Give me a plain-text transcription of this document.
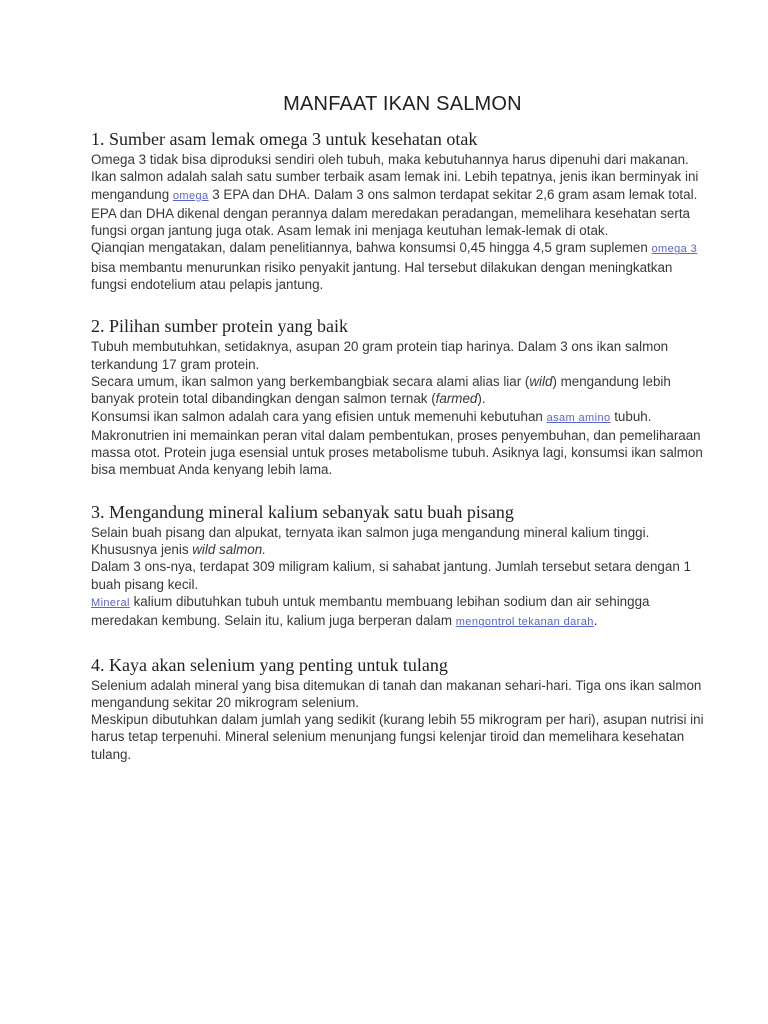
MANFAAT IKAN SALMON
1. Sumber asam lemak omega 3 untuk kesehatan otak

Omega 3 tidak bisa diproduksi sendiri oleh tubuh, maka kebutuhannya harus dipenuhi dari makanan. Ikan salmon adalah salah satu sumber terbaik asam lemak ini. Lebih tepatnya, jenis ikan berminyak ini mengandung omega 3 EPA dan DHA. Dalam 3 ons salmon terdapat sekitar 2,6 gram asam lemak total.

EPA dan DHA dikenal dengan perannya dalam meredakan peradangan, memelihara kesehatan serta fungsi organ jantung juga otak. Asam lemak ini menjaga keutuhan lemak-lemak di otak.

Qianqian mengatakan, dalam penelitiannya, bahwa konsumsi 0,45 hingga 4,5 gram suplemen omega 3 bisa membantu menurunkan risiko penyakit jantung. Hal tersebut dilakukan dengan meningkatkan fungsi endotelium atau pelapis jantung.

2. Pilihan sumber protein yang baik

Tubuh membutuhkan, setidaknya, asupan 20 gram protein tiap harinya. Dalam 3 ons ikan salmon terkandung 17 gram protein.

Secara umum, ikan salmon yang berkembangbiak secara alami alias liar (wild) mengandung lebih banyak protein total dibandingkan dengan salmon ternak (farmed).

Konsumsi ikan salmon adalah cara yang efisien untuk memenuhi kebutuhan asam amino tubuh.

Makronutrien ini memainkan peran vital dalam pembentukan, proses penyembuhan, dan pemeliharaan massa otot. Protein juga esensial untuk proses metabolisme tubuh. Asiknya lagi, konsumsi ikan salmon bisa membuat Anda kenyang lebih lama.

3. Mengandung mineral kalium sebanyak satu buah pisang

Selain buah pisang dan alpukat, ternyata ikan salmon juga mengandung mineral kalium tinggi. Khususnya jenis wild salmon.

Dalam 3 ons-nya, terdapat 309 miligram kalium, si sahabat jantung. Jumlah tersebut setara dengan 1 buah pisang kecil.

Mineral kalium dibutuhkan tubuh untuk membantu membuang lebihan sodium dan air sehingga meredakan kembung. Selain itu, kalium juga berperan dalam mengontrol tekanan darah.

4. Kaya akan selenium yang penting untuk tulang

Selenium adalah mineral yang bisa ditemukan di tanah dan makanan sehari-hari. Tiga ons ikan salmon mengandung sekitar 20 mikrogram selenium.

Meskipun dibutuhkan dalam jumlah yang sedikit (kurang lebih 55 mikrogram per hari), asupan nutrisi ini harus tetap terpenuhi. Mineral selenium menunjang fungsi kelenjar tiroid dan memelihara kesehatan tulang.
